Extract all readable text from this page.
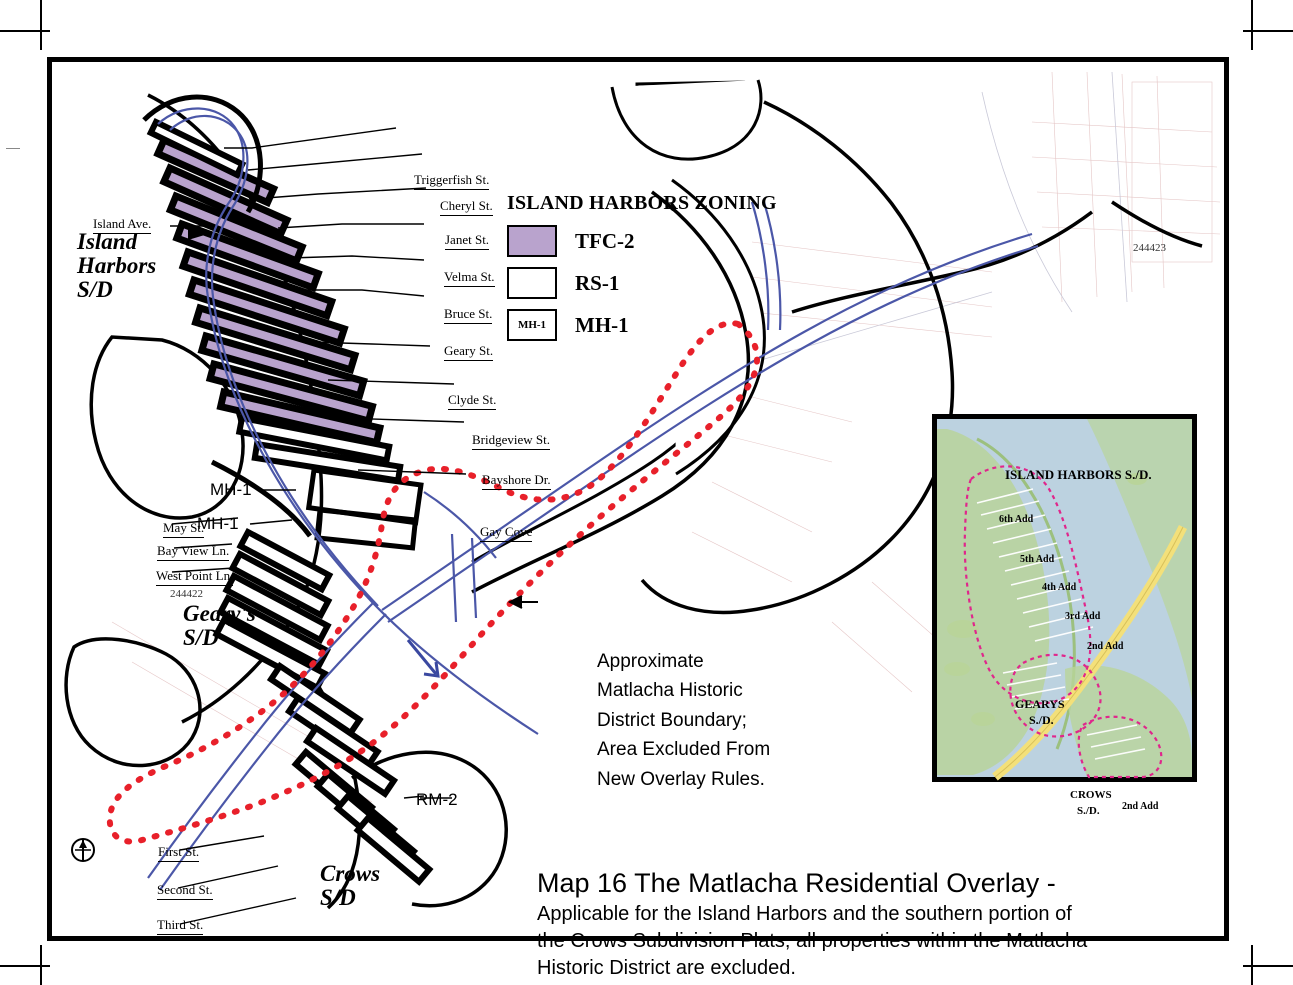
ISLAND HARBORS ZONING
TFC-2
RS-1
MH-1	MH-1
Triggerfish St.
Cheryl St.
Janet St.
Velma St.
Bruce St.
Geary St.
Clyde St.
Bridgeview St.
Bayshore Dr.
Gay Cove
Island Ave.
May St.
Bay View Ln.
West Point Ln.
First St.
Second St.
Third St.
Island
Harbors
S/D
Geary's
S/D
Crows
S/D
MH-1
MH-1
RM-2
244422
244423
Approximate
Matlacha Historic
District Boundary;
Area Excluded From
New Overlay Rules.
Map 16 The Matlacha Residential Overlay -
Applicable for the Island Harbors and the southern portion of
the Crows Subdivision Plats; all properties within the Matlacha
Historic District are excluded.
ISLAND HARBORS S./D.
6th Add
5th Add
4th Add
3rd Add
2nd Add
GEARYS
S./D.
CROWS
S./D. 2nd Add
